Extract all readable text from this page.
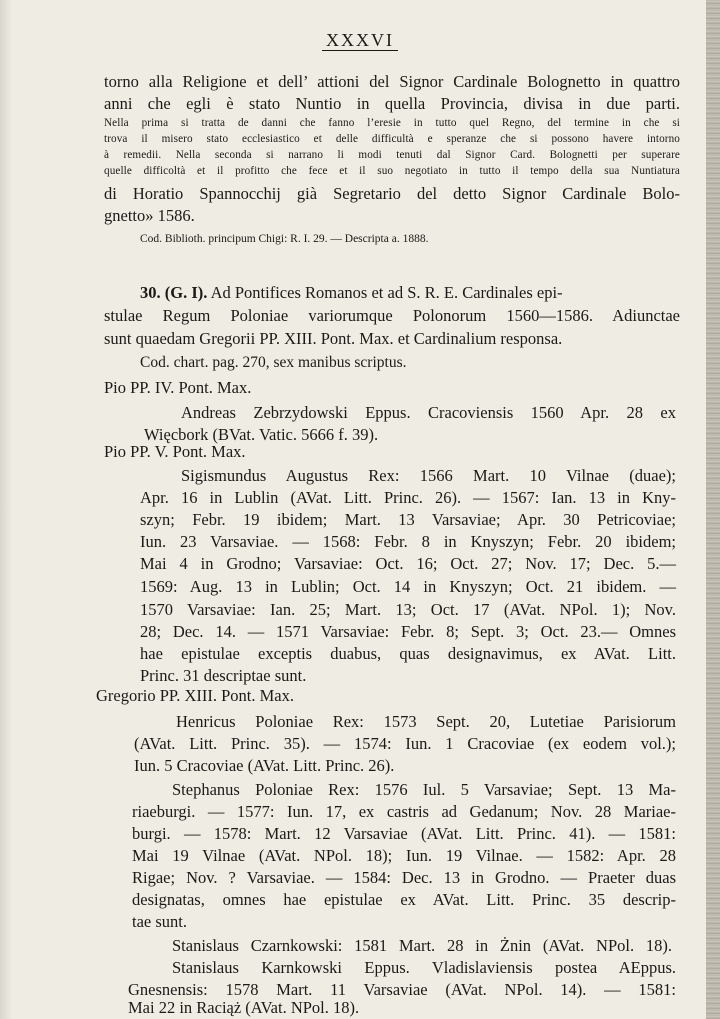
XXXVI
torno alla Religione et dell’ attioni del Signor Cardinale Bolognetto in quattro
anni che egli è stato Nuntio in quella Provincia, divisa in due parti.
Nella prima si tratta de danni che fanno l’eresie in tutto quel Regno, del termine in che si
trova il misero stato ecclesiastico et delle difficultà e speranze che si possono havere intorno
à remedii. Nella seconda si narrano li modi tenuti dal Signor Card. Bolognetti per superare
quelle difficoltà et il profitto che fece et il suo negotiato in tutto il tempo della sua Nuntiatura
di Horatio Spannocchij già Segretario del detto Signor Cardinale Bolo-
gnetto» 1586.
Cod. Biblioth. principum Chigi: R. I. 29. — Descripta a. 1888.
30. (G. I). Ad Pontifices Romanos et ad S. R. E. Cardinales epi-
stulae Regum Poloniae variorumque Polonorum 1560—1586. Adiunctae
sunt quaedam Gregorii PP. XIII. Pont. Max. et Cardinalium responsa.
Cod. chart. pag. 270, sex manibus scriptus.
Pio PP. IV. Pont. Max.
Andreas Zebrzydowski Eppus. Cracoviensis 1560 Apr. 28 ex
Więcbork (BVat. Vatic. 5666 f. 39).
Pio PP. V. Pont. Max.
Sigismundus Augustus Rex: 1566 Mart. 10 Vilnae (duae);
Apr. 16 in Lublin (AVat. Litt. Princ. 26). — 1567: Ian. 13 in Kny-
szyn; Febr. 19 ibidem; Mart. 13 Varsaviae; Apr. 30 Petricoviae;
Iun. 23 Varsaviae. — 1568: Febr. 8 in Knyszyn; Febr. 20 ibidem;
Mai 4 in Grodno; Varsaviae: Oct. 16; Oct. 27; Nov. 17; Dec. 5.—
1569: Aug. 13 in Lublin; Oct. 14 in Knyszyn; Oct. 21 ibidem. —
1570 Varsaviae: Ian. 25; Mart. 13; Oct. 17 (AVat. NPol. 1); Nov.
28; Dec. 14. — 1571 Varsaviae: Febr. 8; Sept. 3; Oct. 23.— Omnes
hae epistulae exceptis duabus, quas designavimus, ex AVat. Litt.
Princ. 31 descriptae sunt.
Gregorio PP. XIII. Pont. Max.
Henricus Poloniae Rex: 1573 Sept. 20, Lutetiae Parisiorum
(AVat. Litt. Princ. 35). — 1574: Iun. 1 Cracoviae (ex eodem vol.);
Iun. 5 Cracoviae (AVat. Litt. Princ. 26).
Stephanus Poloniae Rex: 1576 Iul. 5 Varsaviae; Sept. 13 Ma-
riaeburgi. — 1577: Iun. 17, ex castris ad Gedanum; Nov. 28 Mariae-
burgi. — 1578: Mart. 12 Varsaviae (AVat. Litt. Princ. 41). — 1581:
Mai 19 Vilnae (AVat. NPol. 18); Iun. 19 Vilnae. — 1582: Apr. 28
Rigae; Nov. ? Varsaviae. — 1584: Dec. 13 in Grodno. — Praeter duas
designatas, omnes hae epistulae ex AVat. Litt. Princ. 35 descrip-
tae sunt.
Stanislaus Czarnkowski: 1581 Mart. 28 in Żnin (AVat. NPol. 18).
Stanislaus Karnkowski Eppus. Vladislaviensis postea AEppus.
Gnesnensis: 1578 Mart. 11 Varsaviae (AVat. NPol. 14). — 1581:
Mai 22 in Raciąż (AVat. NPol. 18).
